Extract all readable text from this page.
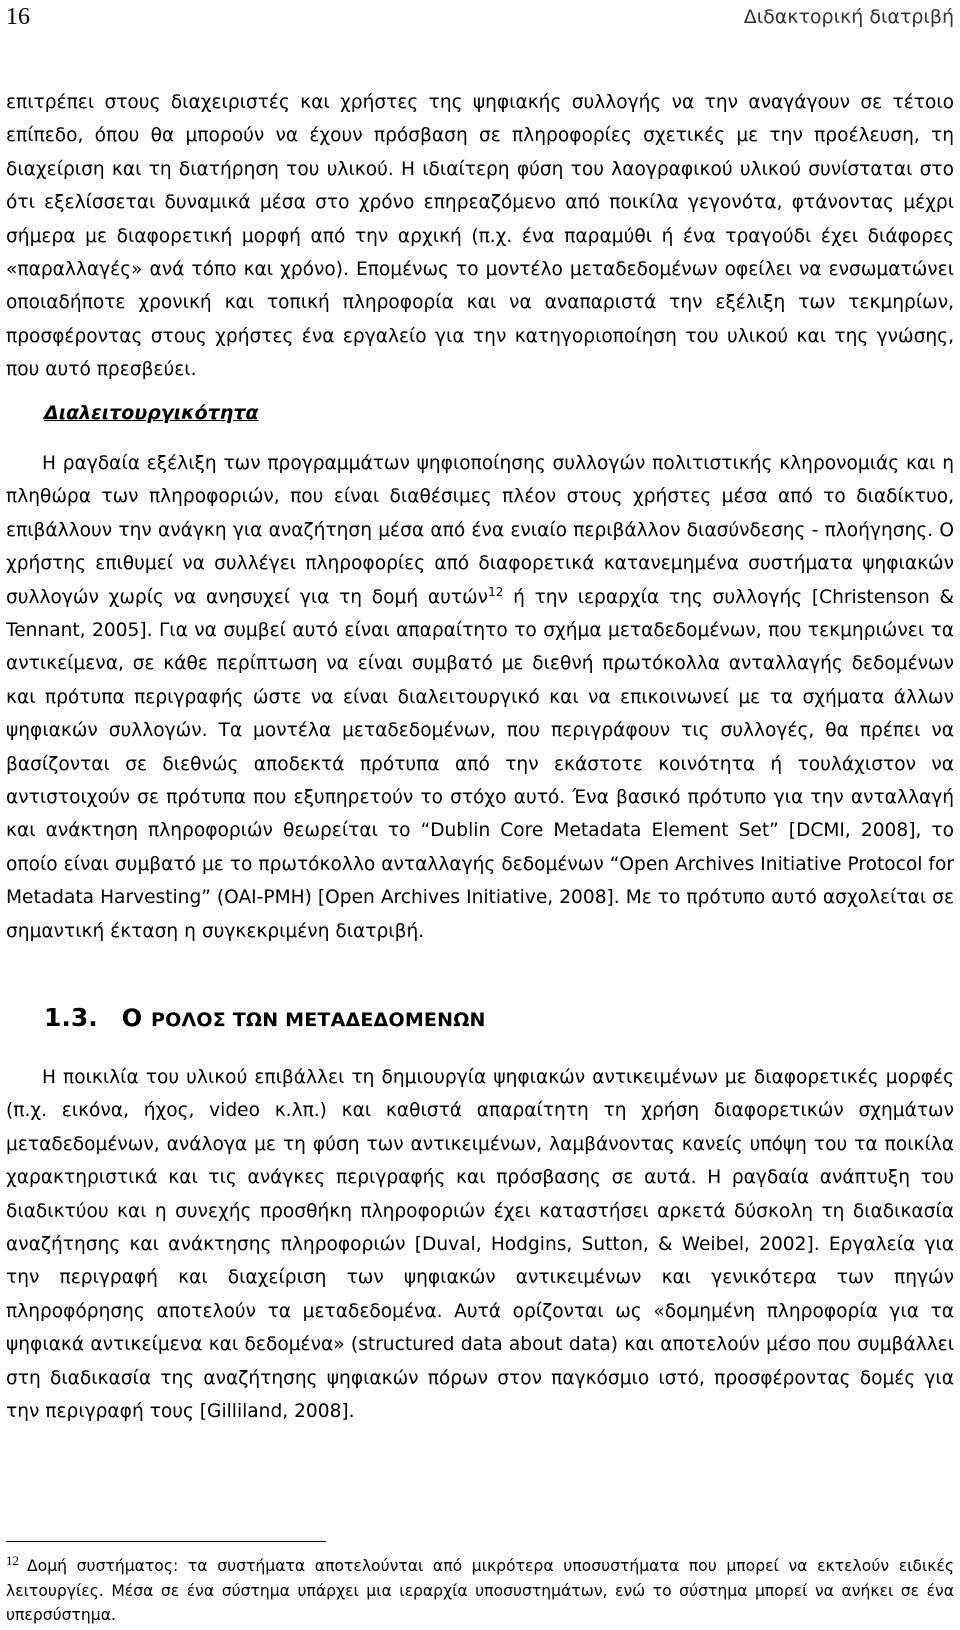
16	Διδακτορική διατριβή

επιτρέπει στους διαχειριστές και χρήστες της ψηφιακής συλλογής να την αναγάγουν σε τέτοιο επίπεδο, όπου θα μπορούν να έχουν πρόσβαση σε πληροφορίες σχετικές με την προέλευση, τη διαχείριση και τη διατήρηση του υλικού. Η ιδιαίτερη φύση του λαογραφικού υλικού συνίσταται στο ότι εξελίσσεται δυναμικά μέσα στο χρόνο επηρεαζόμενο από ποικίλα γεγονότα, φτάνοντας μέχρι σήμερα με διαφορετική μορφή από την αρχική (π.χ. ένα παραμύθι ή ένα τραγούδι έχει διάφορες «παραλλαγές» ανά τόπο και χρόνο). Επομένως το μοντέλο μεταδεδομένων οφείλει να ενσωματώνει οποιαδήποτε χρονική και τοπική πληροφορία και να αναπαριστά την εξέλιξη των τεκμηρίων, προσφέροντας στους χρήστες ένα εργαλείο για την κατηγοριοποίηση του υλικού και της γνώσης, που αυτό πρεσβεύει.

Διαλειτουργικότητα

Η ραγδαία εξέλιξη των προγραμμάτων ψηφιοποίησης συλλογών πολιτιστικής κληρονομιάς και η πληθώρα των πληροφοριών, που είναι διαθέσιμες πλέον στους χρήστες μέσα από το διαδίκτυο, επιβάλλουν την ανάγκη για αναζήτηση μέσα από ένα ενιαίο περιβάλλον διασύνδεσης - πλοήγησης. Ο χρήστης επιθυμεί να συλλέγει πληροφορίες από διαφορετικά κατανεμημένα συστήματα ψηφιακών συλλογών χωρίς να ανησυχεί για τη δομή αυτών$^{12}$ ή την ιεραρχία της συλλογής [Christenson & Tennant, 2005]. Για να συμβεί αυτό είναι απαραίτητο το σχήμα μεταδεδομένων, που τεκμηριώνει τα αντικείμενα, σε κάθε περίπτωση να είναι συμβατό με διεθνή πρωτόκολλα ανταλλαγής δεδομένων και πρότυπα περιγραφής ώστε να είναι διαλειτουργικό και να επικοινωνεί με τα σχήματα άλλων ψηφιακών συλλογών. Τα μοντέλα μεταδεδομένων, που περιγράφουν τις συλλογές, θα πρέπει να βασίζονται σε διεθνώς αποδεκτά πρότυπα από την εκάστοτε κοινότητα ή τουλάχιστον να αντιστοιχούν σε πρότυπα που εξυπηρετούν το στόχο αυτό. Ένα βασικό πρότυπο για την ανταλλαγή και ανάκτηση πληροφοριών θεωρείται το “Dublin Core Metadata Element Set” [DCMI, 2008], το οποίο είναι συμβατό με το πρωτόκολλο ανταλλαγής δεδομένων “Open Archives Initiative Protocol for Metadata Harvesting” (OAI-PMH) [Open Archives Initiative, 2008]. Με το πρότυπο αυτό ασχολείται σε σημαντική έκταση η συγκεκριμένη διατριβή.

1.3. Ο ΡΟΛΟΣ ΤΩΝ ΜΕΤΑΔΕΔΟΜΕΝΩΝ

Η ποικιλία του υλικού επιβάλλει τη δημιουργία ψηφιακών αντικειμένων με διαφορετικές μορφές (π.χ. εικόνα, ήχος, video κ.λπ.) και καθιστά απαραίτητη τη χρήση διαφορετικών σχημάτων μεταδεδομένων, ανάλογα με τη φύση των αντικειμένων, λαμβάνοντας κανείς υπόψη του τα ποικίλα χαρακτηριστικά και τις ανάγκες περιγραφής και πρόσβασης σε αυτά. Η ραγδαία ανάπτυξη του διαδικτύου και η συνεχής προσθήκη πληροφοριών έχει καταστήσει αρκετά δύσκολη τη διαδικασία αναζήτησης και ανάκτησης πληροφοριών [Duval, Hodgins, Sutton, & Weibel, 2002]. Εργαλεία για την περιγραφή και διαχείριση των ψηφιακών αντικειμένων και γενικότερα των πηγών πληροφόρησης αποτελούν τα μεταδεδομένα. Αυτά ορίζονται ως «δομημένη πληροφορία για τα ψηφιακά αντικείμενα και δεδομένα» (structured data about data) και αποτελούν μέσο που συμβάλλει στη διαδικασία της αναζήτησης ψηφιακών πόρων στον παγκόσμιο ιστό, προσφέροντας δομές για την περιγραφή τους [Gilliland, 2008].

$^{12}$ Δομή συστήματος: τα συστήματα αποτελούνται από μικρότερα υποσυστήματα που μπορεί να εκτελούν ειδικές λειτουργίες. Μέσα σε ένα σύστημα υπάρχει μια ιεραρχία υποσυστημάτων, ενώ το σύστημα μπορεί να ανήκει σε ένα υπερσύστημα.
